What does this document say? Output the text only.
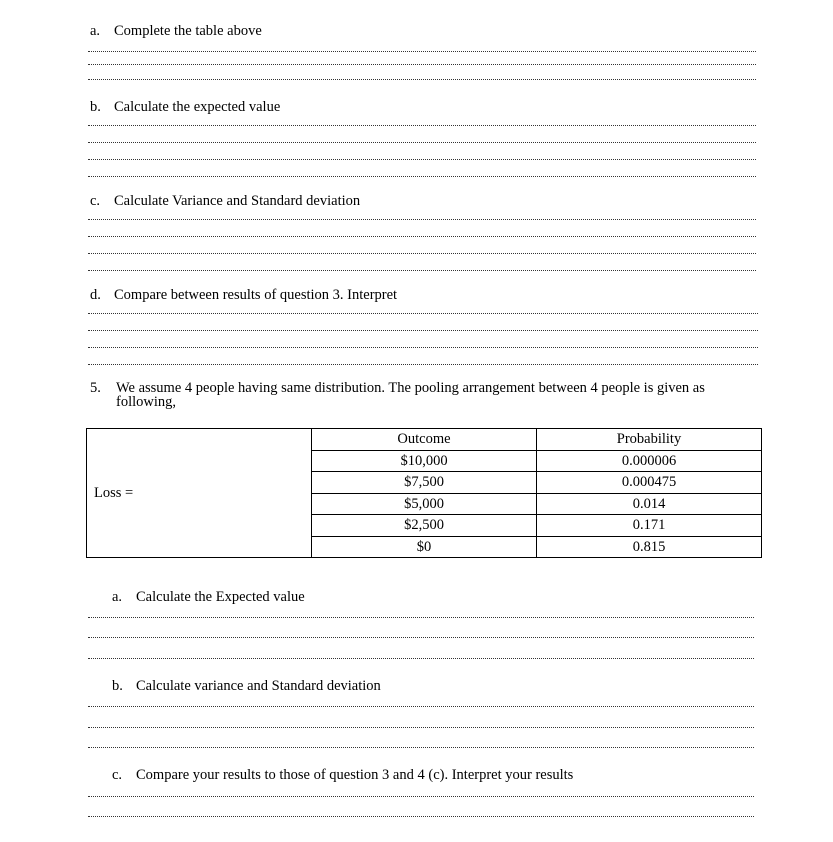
a. Complete the table above
b. Calculate the expected value
c. Calculate Variance and Standard deviation
d. Compare between results of question 3. Interpret
5. We assume 4 people having same distribution. The pooling arrangement between 4 people is given as following,
Loss =	Outcome	Probability
	$10,000	0.000006
	$7,500	0.000475
	$5,000	0.014
	$2,500	0.171
	$0	0.815
a. Calculate the Expected value
b. Calculate variance and Standard deviation
c. Compare your results to those of question 3 and 4 (c). Interpret your results
